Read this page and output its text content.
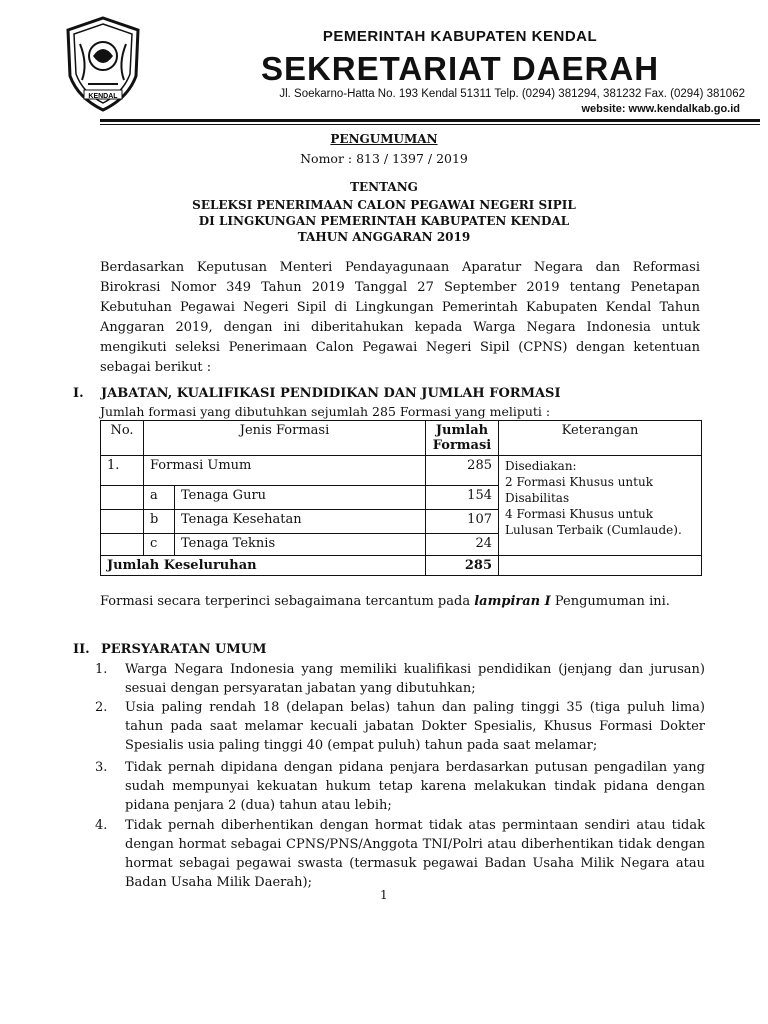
KENDAL
PEMERINTAH KABUPATEN KENDAL
SEKRETARIAT DAERAH
Jl. Soekarno-Hatta No. 193 Kendal 51311 Telp. (0294) 381294, 381232 Fax. (0294) 381062
website: www.kendalkab.go.id
PENGUMUMAN
Nomor : 813 / 1397 / 2019
TENTANG
SELEKSI PENERIMAAN CALON PEGAWAI NEGERI SIPIL
DI LINGKUNGAN PEMERINTAH KABUPATEN KENDAL
TAHUN ANGGARAN 2019
Berdasarkan Keputusan Menteri Pendayagunaan Aparatur Negara dan Reformasi Birokrasi Nomor 349 Tahun 2019 Tanggal 27 September 2019 tentang Penetapan Kebutuhan Pegawai Negeri Sipil di Lingkungan Pemerintah Kabupaten Kendal Tahun Anggaran 2019, dengan ini diberitahukan kepada Warga Negara Indonesia untuk mengikuti seleksi Penerimaan Calon Pegawai Negeri Sipil (CPNS) dengan ketentuan sebagai berikut :
I. JABATAN, KUALIFIKASI PENDIDIKAN DAN JUMLAH FORMASI
Jumlah formasi yang dibutuhkan sejumlah 285 Formasi yang meliputi :
No.	Jenis Formasi		Jumlah Formasi	Keterangan
1.	Formasi Umum		285	Disediakan:
2 Formasi Khusus untuk Disabilitas
4 Formasi Khusus untuk Lulusan Terbaik (Cumlaude).
	a	Tenaga Guru	154	
	b	Tenaga Kesehatan	107	
	c	Tenaga Teknis	24	
Jumlah Keseluruhan			285	
Formasi secara terperinci sebagaimana tercantum pada lampiran I Pengumuman ini.
II. PERSYARATAN UMUM
1.	Warga Negara Indonesia yang memiliki kualifikasi pendidikan (jenjang dan jurusan) sesuai dengan persyaratan jabatan yang dibutuhkan;
2.	Usia paling rendah 18 (delapan belas) tahun dan paling tinggi 35 (tiga puluh lima) tahun pada saat melamar kecuali jabatan Dokter Spesialis, Khusus Formasi Dokter Spesialis usia paling tinggi 40 (empat puluh) tahun pada saat melamar;
3.	Tidak pernah dipidana dengan pidana penjara berdasarkan putusan pengadilan yang sudah mempunyai kekuatan hukum tetap karena melakukan tindak pidana dengan pidana penjara 2 (dua) tahun atau lebih;
4.	Tidak pernah diberhentikan dengan hormat tidak atas permintaan sendiri atau tidak dengan hormat sebagai CPNS/PNS/Anggota TNI/Polri atau diberhentikan tidak dengan hormat sebagai pegawai swasta (termasuk pegawai Badan Usaha Milik Negara atau Badan Usaha Milik Daerah);
1
